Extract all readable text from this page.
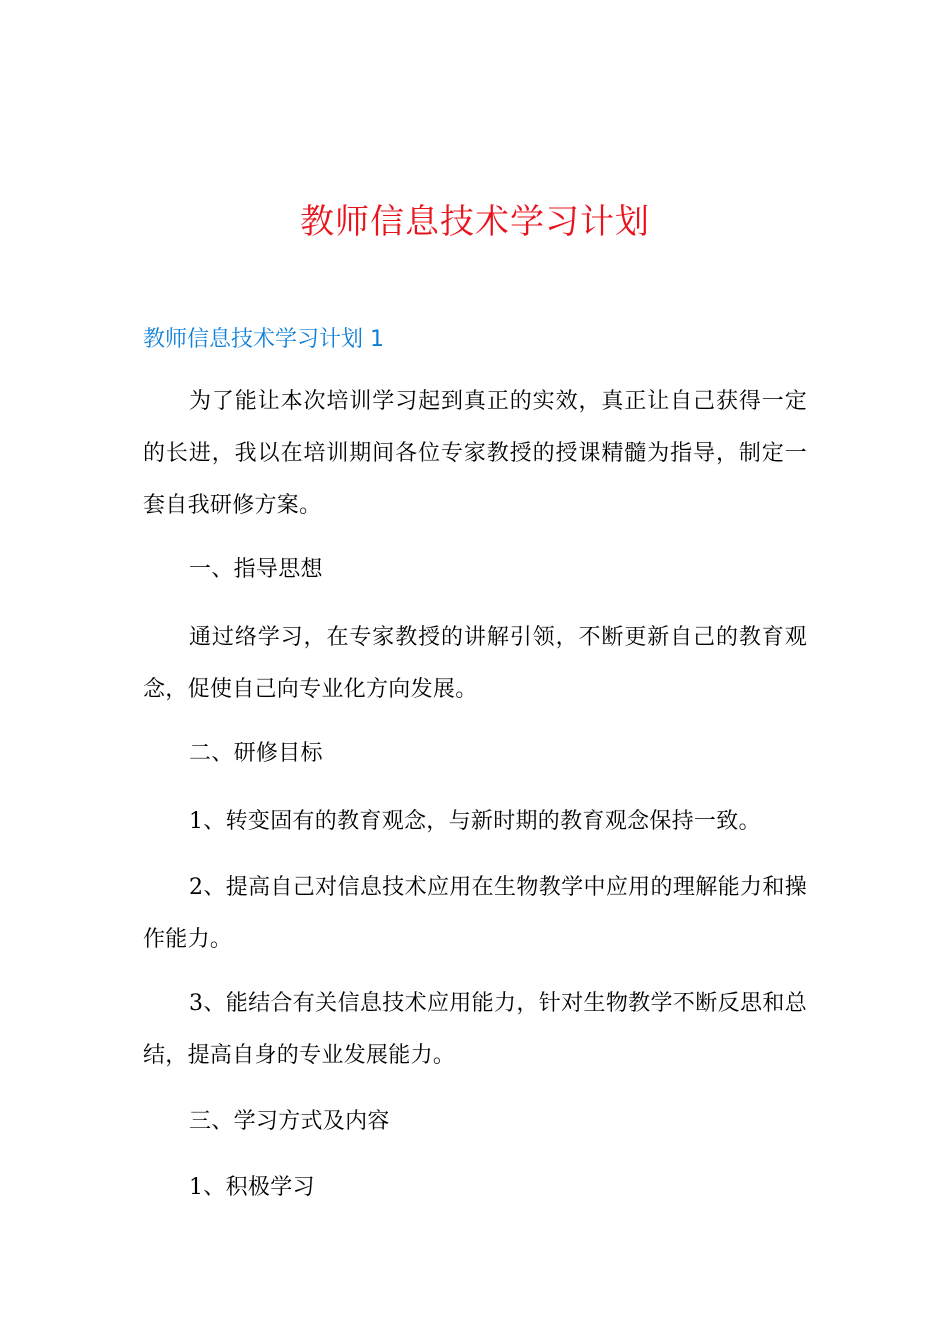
教师信息技术学习计划
教师信息技术学习计划 1

为了能让本次培训学习起到真正的实效，真正让自己获得一定的长进，我以在培训期间各位专家教授的授课精髓为指导，制定一套自我研修方案。

一、指导思想

通过络学习，在专家教授的讲解引领，不断更新自己的教育观念，促使自己向专业化方向发展。

二、研修目标

1、转变固有的教育观念，与新时期的教育观念保持一致。

2、提高自己对信息技术应用在生物教学中应用的理解能力和操作能力。

3、能结合有关信息技术应用能力，针对生物教学不断反思和总结，提高自身的专业发展能力。

三、学习方式及内容

1、积极学习
